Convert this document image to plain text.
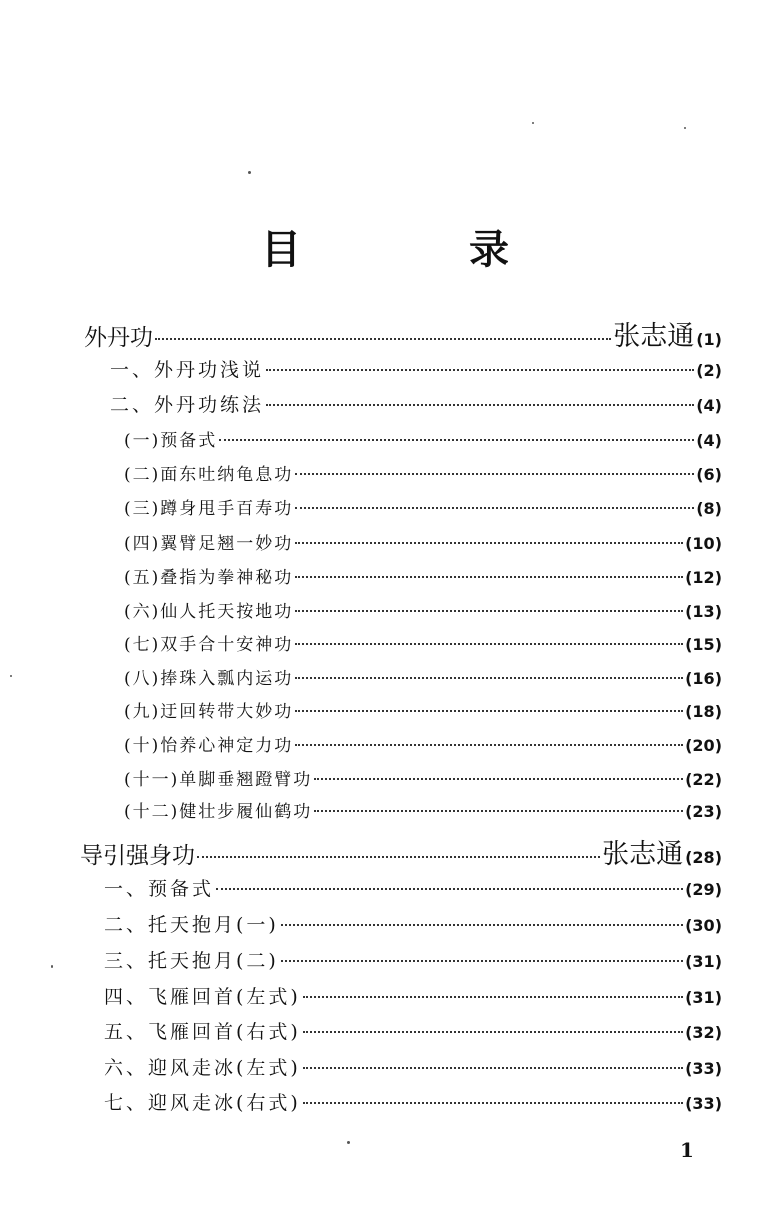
目　录
外丹功	张志通 (1)
一、外丹功浅说	(2)
二、外丹功练法	(4)
(一)预备式	(4)
(二)面东吐纳龟息功	(6)
(三)蹲身甩手百寿功	(8)
(四)翼臂足翘一妙功	(10)
(五)叠指为拳神秘功	(12)
(六)仙人托天按地功	(13)
(七)双手合十安神功	(15)
(八)捧珠入瓢内运功	(16)
(九)迂回转带大妙功	(18)
(十)怡养心神定力功	(20)
(十一)单脚垂翘蹬臂功	(22)
(十二)健壮步履仙鹤功	(23)
导引强身功	张志通 (28)
一、预备式	(29)
二、托天抱月(一)	(30)
三、托天抱月(二)	(31)
四、飞雁回首(左式)	(31)
五、飞雁回首(右式)	(32)
六、迎风走冰(左式)	(33)
七、迎风走冰(右式)	(33)
1
